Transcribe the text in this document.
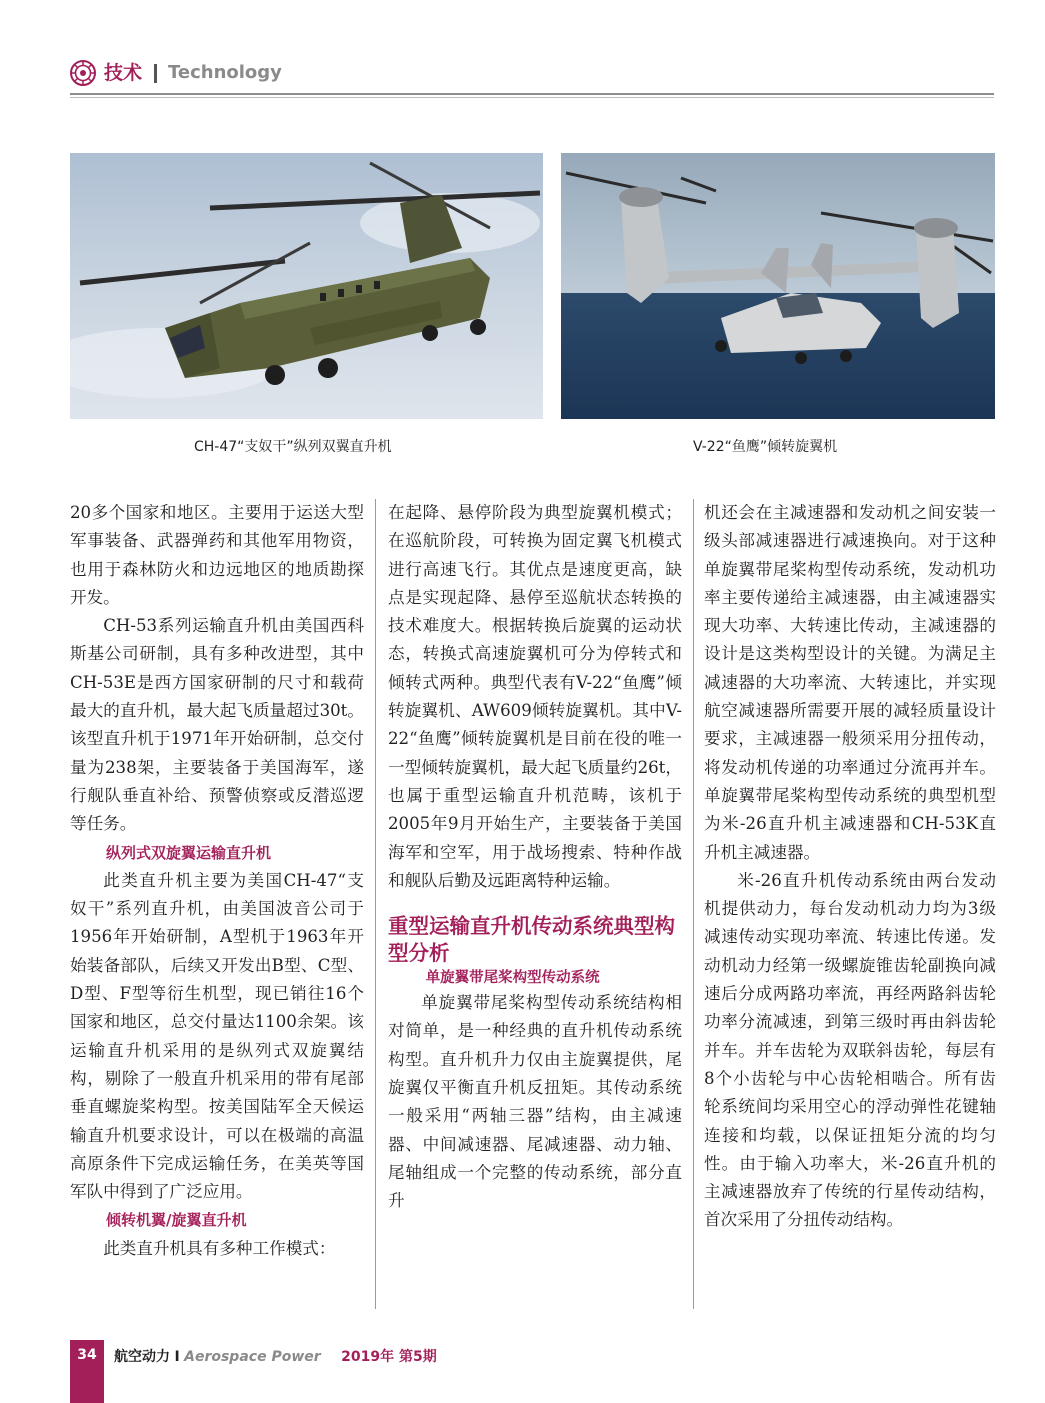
技术 Technology
CH-47“支奴干”纵列双翼直升机	V-22“鱼鹰”倾转旋翼机

20多个国家和地区。主要用于运送大型军事装备、武器弹药和其他军用物资，也用于森林防火和边远地区的地质勘探开发。

CH-53系列运输直升机由美国西科斯基公司研制，具有多种改进型，其中CH-53E是西方国家研制的尺寸和载荷最大的直升机，最大起飞质量超过30t。该型直升机于1971年开始研制，总交付量为238架，主要装备于美国海军，遂行舰队垂直补给、预警侦察或反潜巡逻等任务。

纵列式双旋翼运输直升机

此类直升机主要为美国CH-47“支奴干”系列直升机，由美国波音公司于1956年开始研制，A型机于1963年开始装备部队，后续又开发出B型、C型、D型、F型等衍生机型，现已销往16个国家和地区，总交付量达1100余架。该运输直升机采用的是纵列式双旋翼结构，剔除了一般直升机采用的带有尾部垂直螺旋桨构型。按美国陆军全天候运输直升机要求设计，可以在极端的高温高原条件下完成运输任务，在美英等国军队中得到了广泛应用。

倾转机翼/旋翼直升机

此类直升机具有多种工作模式：

在起降、悬停阶段为典型旋翼机模式；在巡航阶段，可转换为固定翼飞机模式进行高速飞行。其优点是速度更高，缺点是实现起降、悬停至巡航状态转换的技术难度大。根据转换后旋翼的运动状态，转换式高速旋翼机可分为停转式和倾转式两种。典型代表有V-22“鱼鹰”倾转旋翼机、AW609倾转旋翼机。其中V-22“鱼鹰”倾转旋翼机是目前在役的唯一一型倾转旋翼机，最大起飞质量约26t，也属于重型运输直升机范畴，该机于2005年9月开始生产，主要装备于美国海军和空军，用于战场搜索、特种作战和舰队后勤及远距离特种运输。

重型运输直升机传动系统典型构型分析
单旋翼带尾桨构型传动系统

单旋翼带尾桨构型传动系统结构相对简单，是一种经典的直升机传动系统构型。直升机升力仅由主旋翼提供，尾旋翼仅平衡直升机反扭矩。其传动系统一般采用“两轴三器”结构，由主减速器、中间减速器、尾减速器、动力轴、尾轴组成一个完整的传动系统，部分直升

机还会在主减速器和发动机之间安装一级头部减速器进行减速换向。对于这种单旋翼带尾桨构型传动系统，发动机功率主要传递给主减速器，由主减速器实现大功率、大转速比传动，主减速器的设计是这类构型设计的关键。为满足主减速器的大功率流、大转速比，并实现航空减速器所需要开展的减轻质量设计要求，主减速器一般须采用分扭传动，将发动机传递的功率通过分流再并车。单旋翼带尾桨构型传动系统的典型机型为米-26直升机主减速器和CH-53K直升机主减速器。

米-26直升机传动系统由两台发动机提供动力，每台发动机动力均为3级减速传动实现功率流、转速比传递。发动机动力经第一级螺旋锥齿轮副换向减速后分成两路功率流，再经两路斜齿轮功率分流减速，到第三级时再由斜齿轮并车。并车齿轮为双联斜齿轮，每层有8个小齿轮与中心齿轮相啮合。所有齿轮系统间均采用空心的浮动弹性花键轴连接和均载，以保证扭矩分流的均匀性。由于输入功率大，米-26直升机的主减速器放弃了传统的行星传动结构，首次采用了分扭传动结构。

34	航空动力 I Aerospace Power 2019年 第5期
